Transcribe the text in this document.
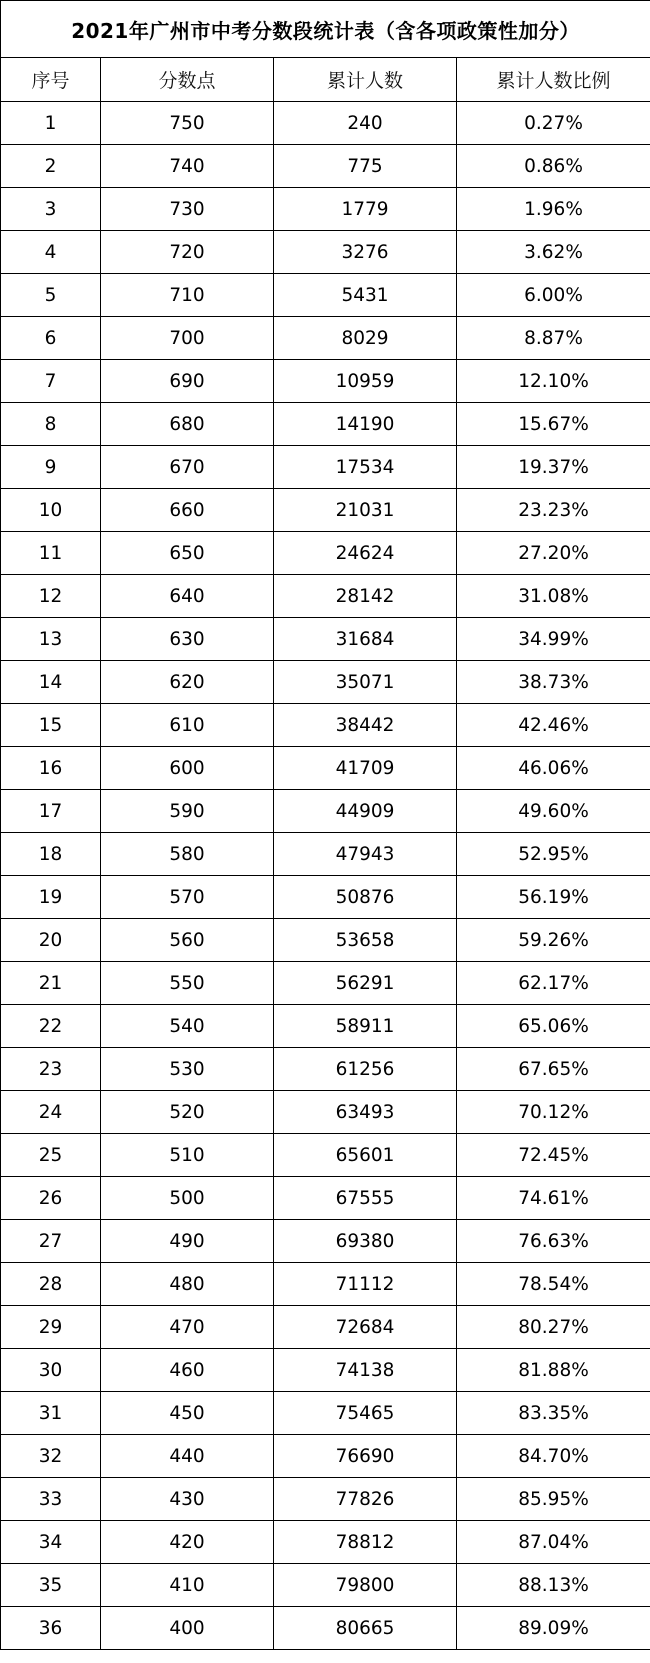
2021年广州市中考分数段统计表（含各项政策性加分）			
序号	分数点	累计人数	累计人数比例
1	750	240	0.27%
2	740	775	0.86%
3	730	1779	1.96%
4	720	3276	3.62%
5	710	5431	6.00%
6	700	8029	8.87%
7	690	10959	12.10%
8	680	14190	15.67%
9	670	17534	19.37%
10	660	21031	23.23%
11	650	24624	27.20%
12	640	28142	31.08%
13	630	31684	34.99%
14	620	35071	38.73%
15	610	38442	42.46%
16	600	41709	46.06%
17	590	44909	49.60%
18	580	47943	52.95%
19	570	50876	56.19%
20	560	53658	59.26%
21	550	56291	62.17%
22	540	58911	65.06%
23	530	61256	67.65%
24	520	63493	70.12%
25	510	65601	72.45%
26	500	67555	74.61%
27	490	69380	76.63%
28	480	71112	78.54%
29	470	72684	80.27%
30	460	74138	81.88%
31	450	75465	83.35%
32	440	76690	84.70%
33	430	77826	85.95%
34	420	78812	87.04%
35	410	79800	88.13%
36	400	80665	89.09%
